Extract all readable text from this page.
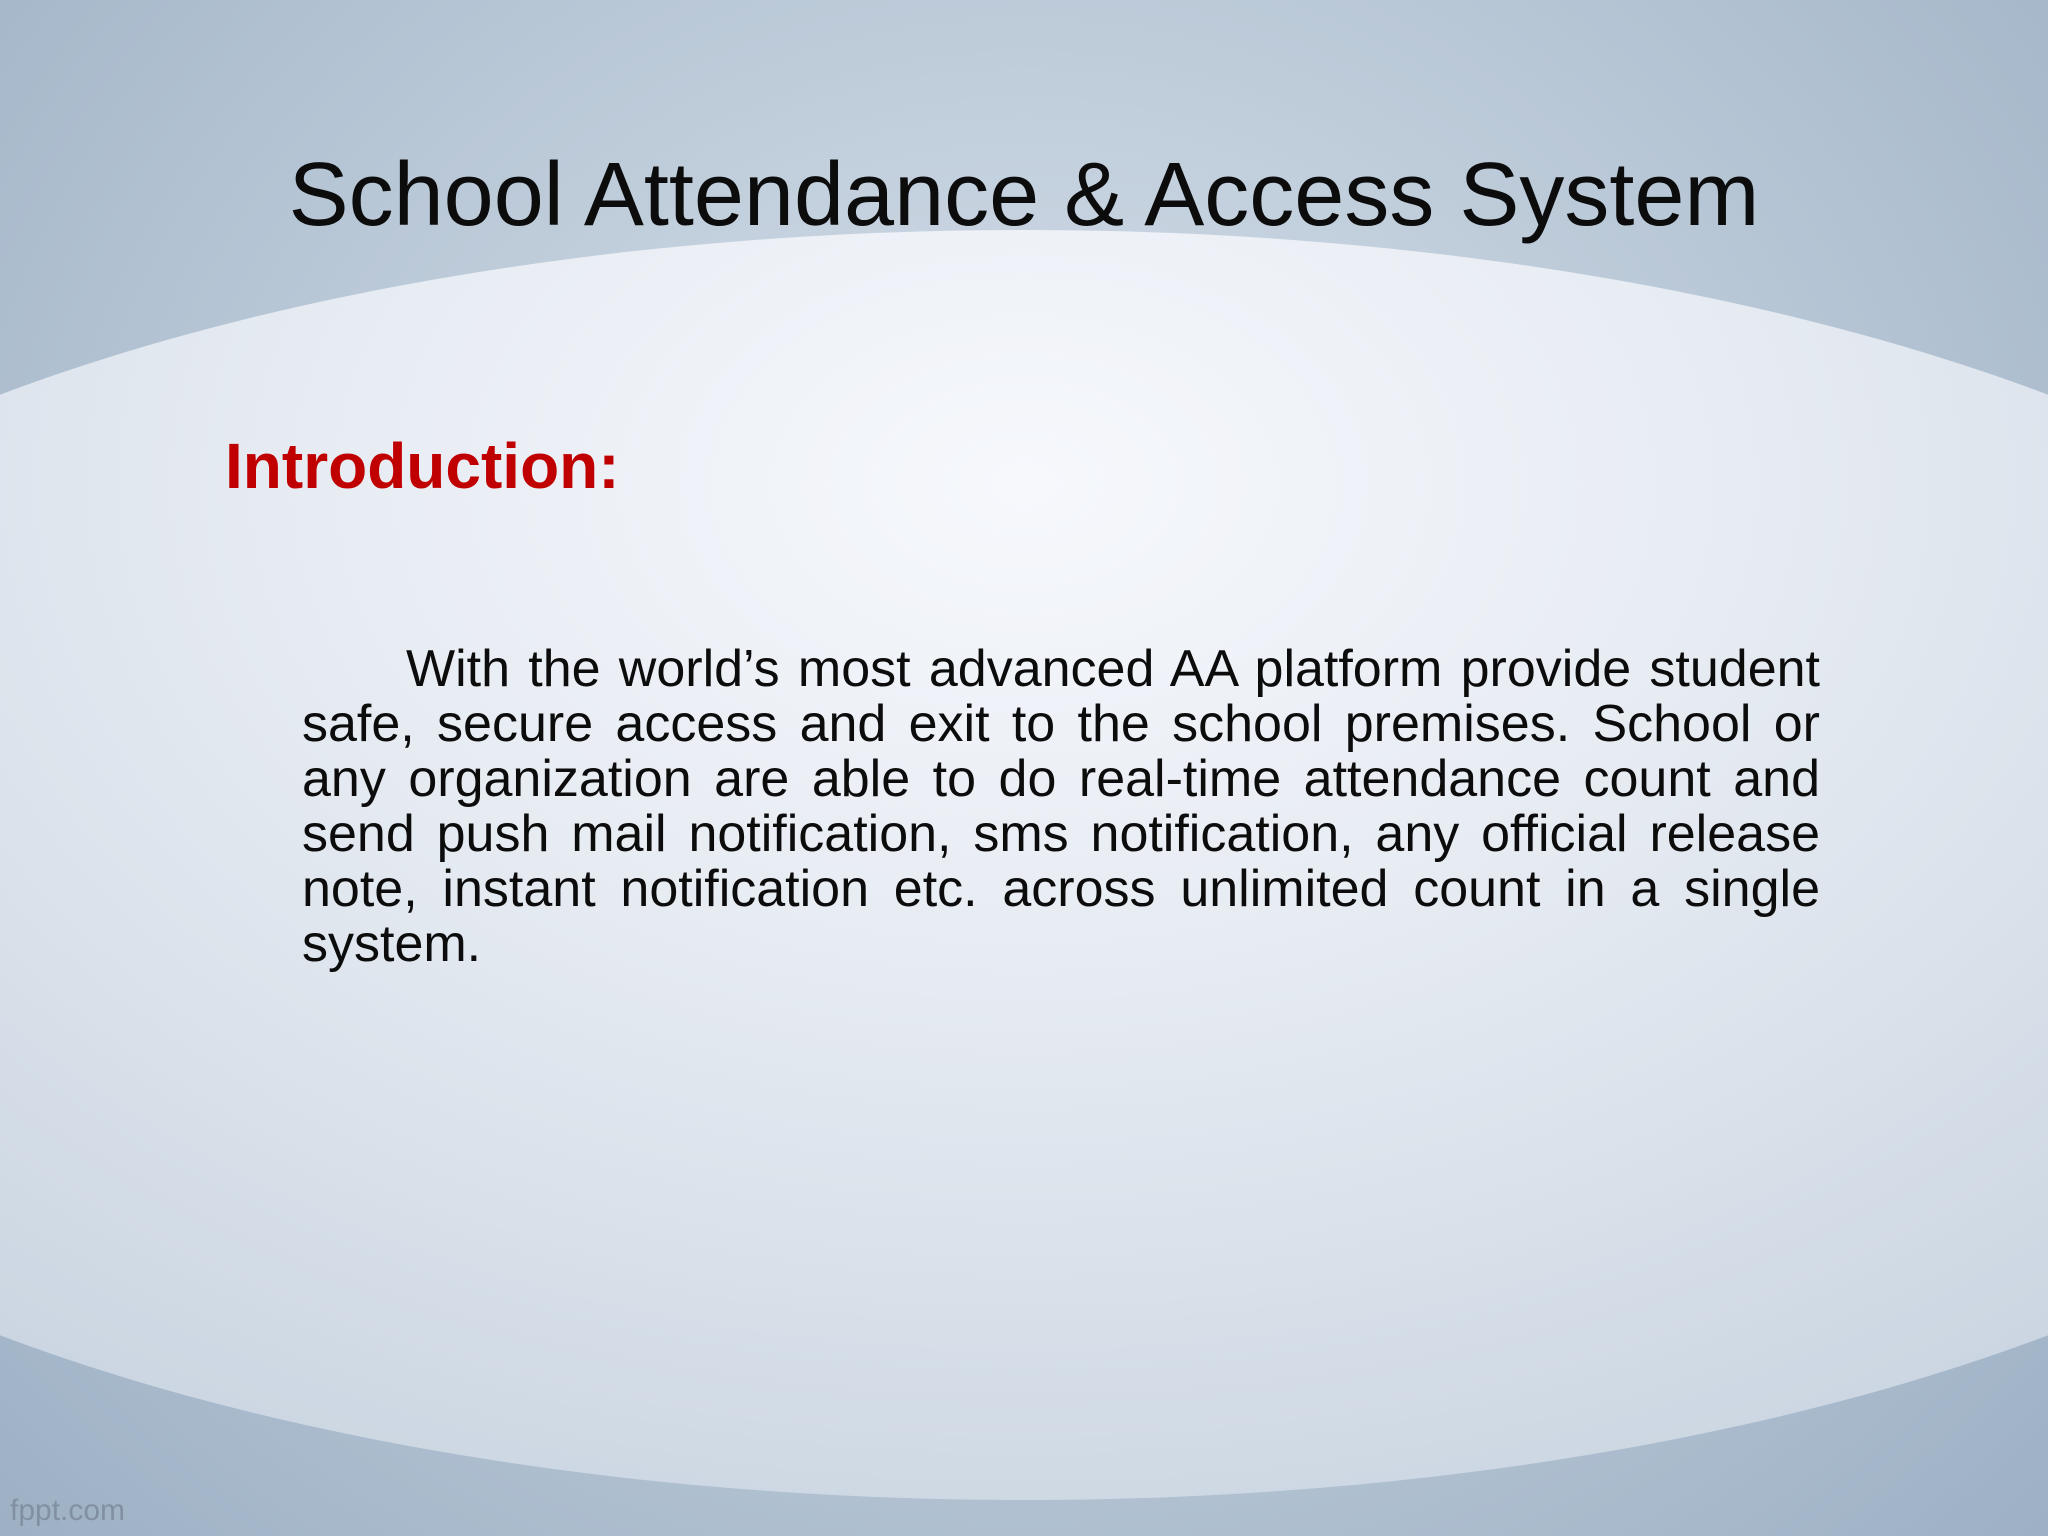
School Attendance & Access System
Introduction:

With the world’s most advanced AA platform provide student safe, secure access and exit to the school premises. School or any organization are able to do real-time attendance count and send push mail notification, sms notification, any official release note, instant notification etc. across unlimited count in a single system.

fppt.com
